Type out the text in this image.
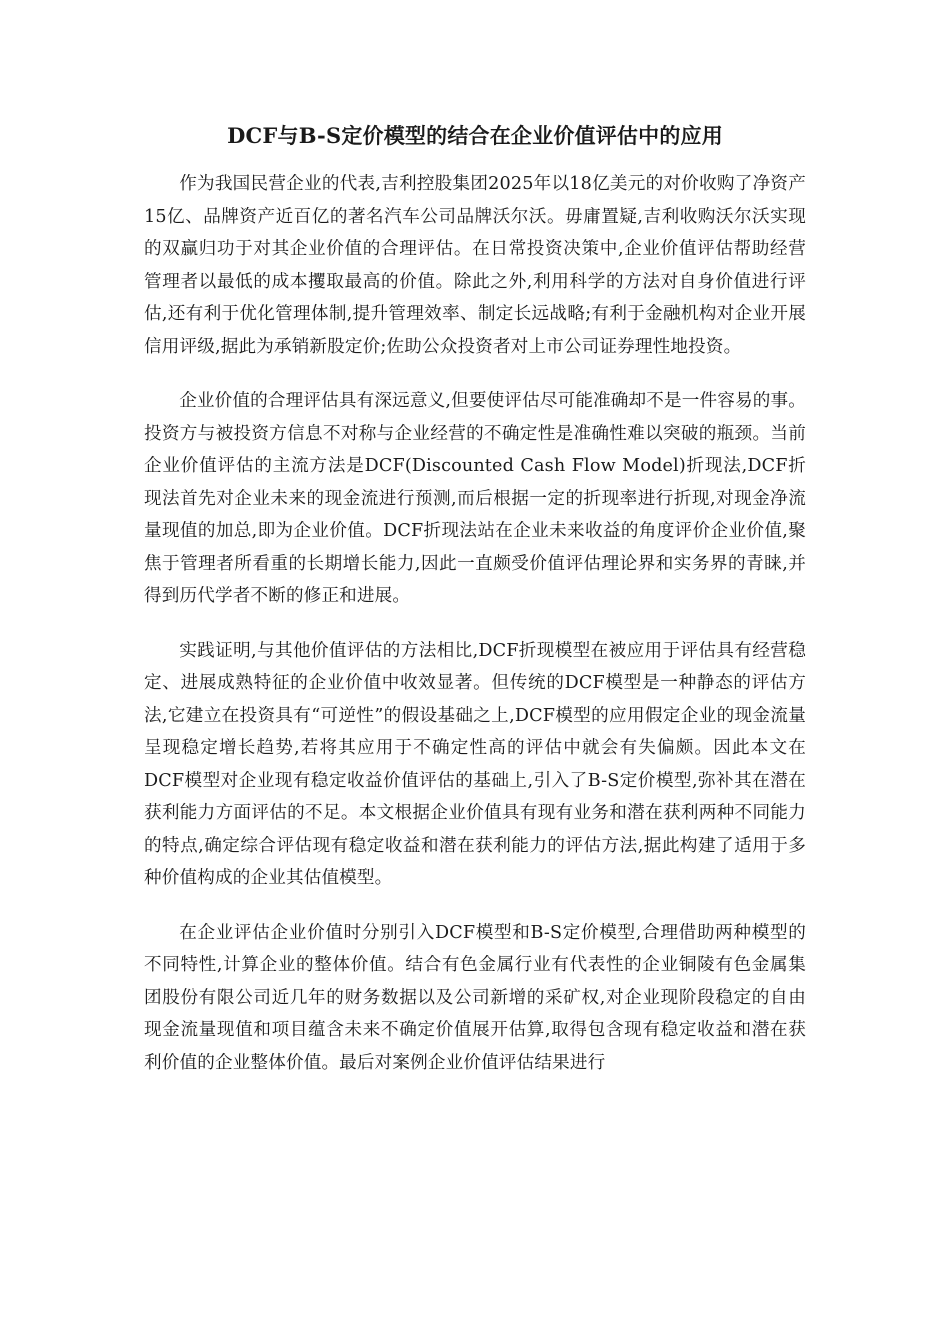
DCF与B-S定价模型的结合在企业价值评估中的应用

作为我国民营企业的代表,吉利控股集团2025年以18亿美元的对价收购了净资产15亿、品牌资产近百亿的著名汽车公司品牌沃尔沃。毋庸置疑,吉利收购沃尔沃实现的双赢归功于对其企业价值的合理评估。在日常投资决策中,企业价值评估帮助经营管理者以最低的成本攫取最高的价值。除此之外,利用科学的方法对自身价值进行评估,还有利于优化管理体制,提升管理效率、制定长远战略;有利于金融机构对企业开展信用评级,据此为承销新股定价;佐助公众投资者对上市公司证券理性地投资。

企业价值的合理评估具有深远意义,但要使评估尽可能准确却不是一件容易的事。投资方与被投资方信息不对称与企业经营的不确定性是准确性难以突破的瓶颈。当前企业价值评估的主流方法是DCF(Discounted Cash Flow Model)折现法,DCF折现法首先对企业未来的现金流进行预测,而后根据一定的折现率进行折现,对现金净流量现值的加总,即为企业价值。DCF折现法站在企业未来收益的角度评价企业价值,聚焦于管理者所看重的长期增长能力,因此一直颇受价值评估理论界和实务界的青睐,并得到历代学者不断的修正和进展。

实践证明,与其他价值评估的方法相比,DCF折现模型在被应用于评估具有经营稳定、进展成熟特征的企业价值中收效显著。但传统的DCF模型是一种静态的评估方法,它建立在投资具有“可逆性”的假设基础之上,DCF模型的应用假定企业的现金流量呈现稳定增长趋势,若将其应用于不确定性高的评估中就会有失偏颇。因此本文在DCF模型对企业现有稳定收益价值评估的基础上,引入了B-S定价模型,弥补其在潜在获利能力方面评估的不足。本文根据企业价值具有现有业务和潜在获利两种不同能力的特点,确定综合评估现有稳定收益和潜在获利能力的评估方法,据此构建了适用于多种价值构成的企业其估值模型。

在企业评估企业价值时分别引入DCF模型和B-S定价模型,合理借助两种模型的不同特性,计算企业的整体价值。结合有色金属行业有代表性的企业铜陵有色金属集团股份有限公司近几年的财务数据以及公司新增的采矿权,对企业现阶段稳定的自由现金流量现值和项目蕴含未来不确定价值展开估算,取得包含现有稳定收益和潜在获利价值的企业整体价值。最后对案例企业价值评估结果进行
